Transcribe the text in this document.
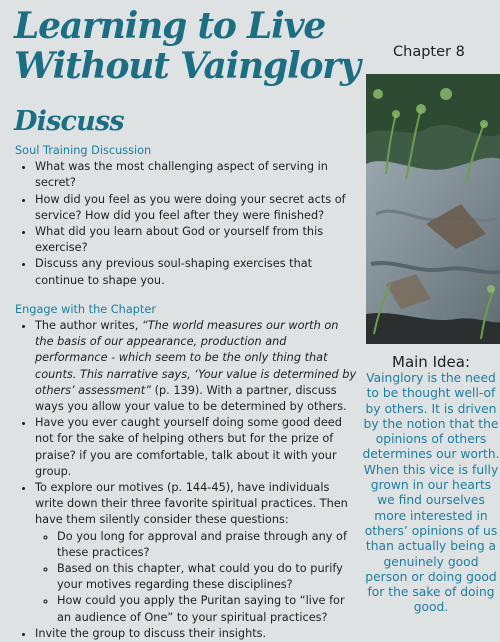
Learning to Live Without Vainglory	Chapter 8
Discuss
Soul Training Discussion
• What was the most challenging aspect of serving in secret?
• How did you feel as you were doing your secret acts of service? How did you feel after they were finished?
• What did you learn about God or yourself from this exercise?
• Discuss any previous soul-shaping exercises that continue to shape you.
Engage with the Chapter
• The author writes, “The world measures our worth on the basis of our appearance, production and performance - which seem to be the only thing that counts. This narrative says, ‘Your value is determined by others’ assessment” (p. 139). With a partner, discuss ways you allow your value to be determined by others.
• Have you ever caught yourself doing some good deed not for the sake of helping others but for the prize of praise? if you are comfortable, talk about it with your group.
• To explore our motives (p. 144-45), have individuals write down their three favorite spiritual practices. Then have them silently consider these questions:
◦ Do you long for approval and praise through any of these practices?
◦ Based on this chapter, what could you do to purify your motives regarding these disciplines?
◦ How could you apply the Puritan saying to “live for an audience of One” to your spiritual practices?
• Invite the group to discuss their insights.
Main Idea:
Vainglory is the need to be thought well-of by others. It is driven by the notion that the opinions of others determines our worth. When this vice is fully grown in our hearts we find ourselves more interested in others’ opinions of us than actually being a genuinely good person or doing good for the sake of doing good.
